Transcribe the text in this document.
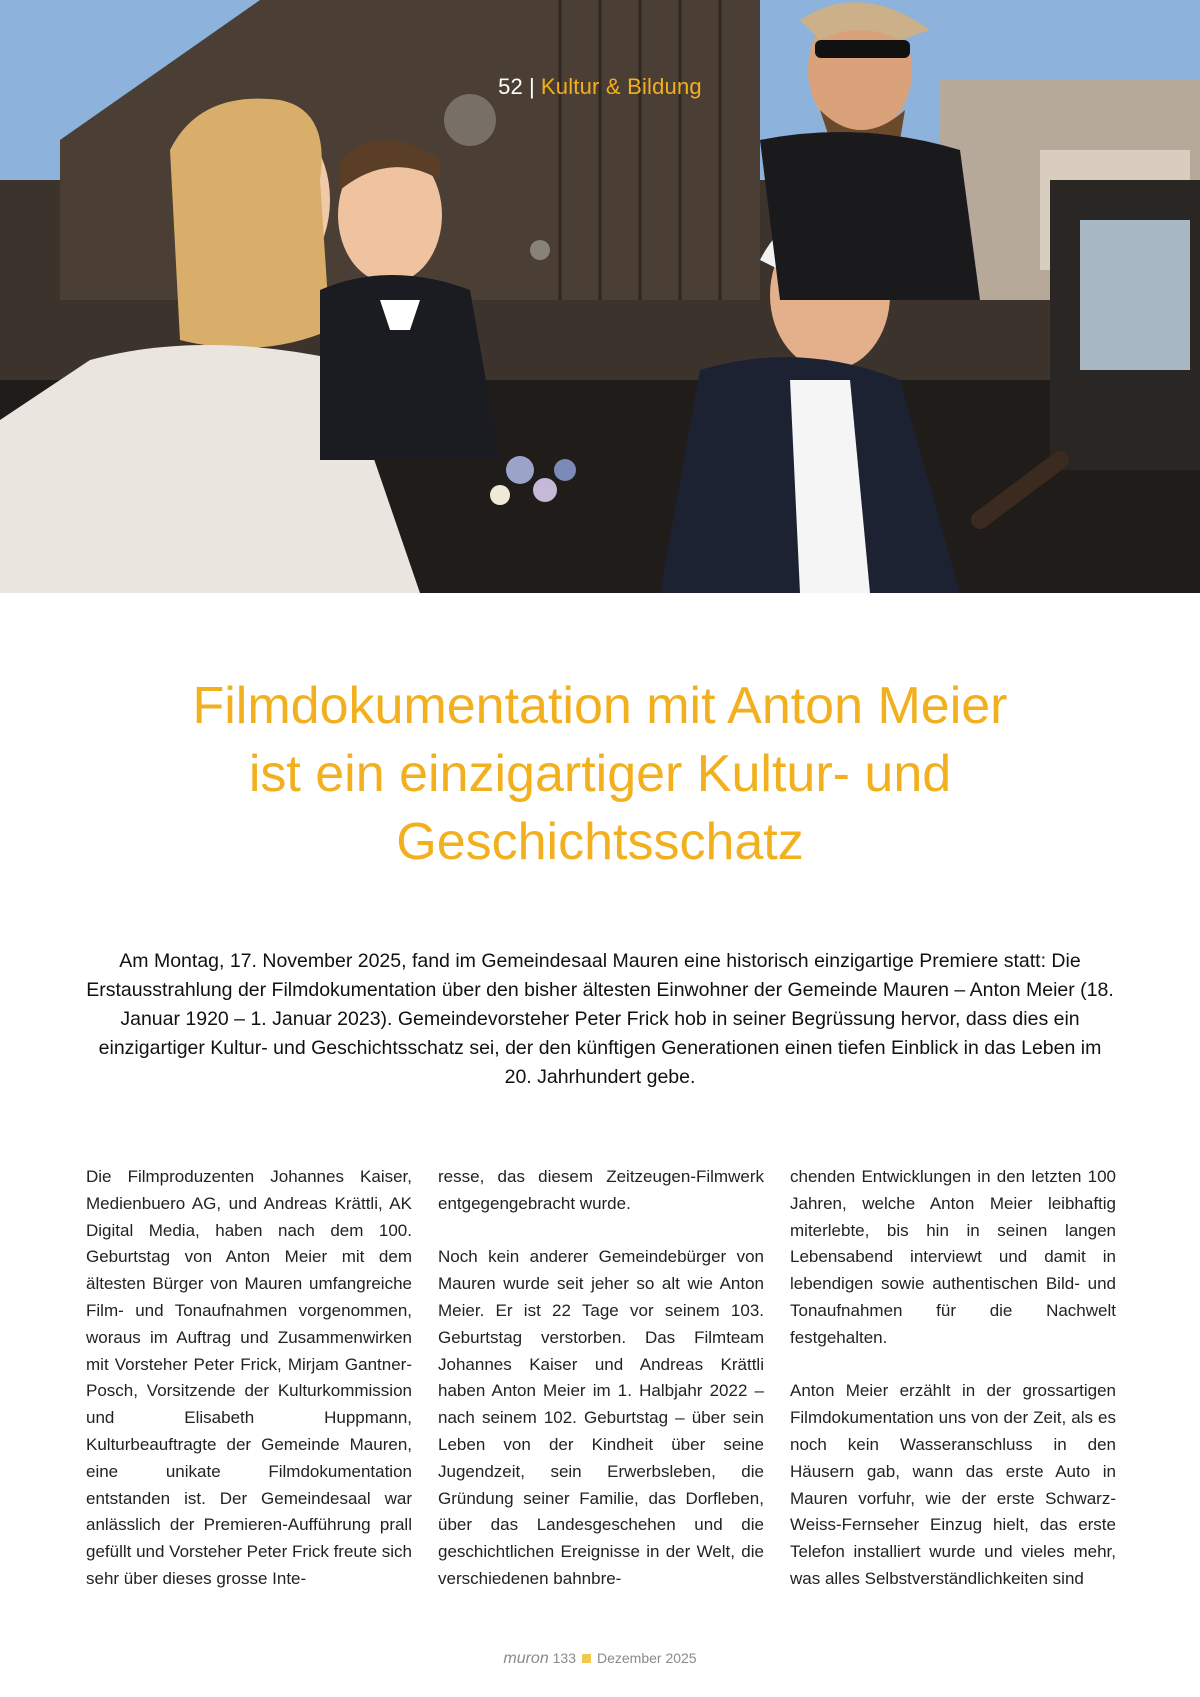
52 | Kultur & Bildung
Filmdokumentation mit Anton Meier
ist ein einzigartiger Kultur- und
Geschichtsschatz
Am Montag, 17. November 2025, fand im Gemeindesaal Mauren eine historisch einzigartige Premiere statt: Die Erstausstrahlung der Filmdokumentation über den bisher ältesten Einwohner der Gemeinde Mauren – Anton Meier (18. Januar 1920 – 1. Januar 2023). Gemeindevorsteher Peter Frick hob in seiner Begrüssung hervor, dass dies ein einzigartiger Kultur- und Geschichtsschatz sei, der den künftigen Generationen einen tiefen Einblick in das Leben im 20. Jahrhundert gebe.

Die Filmproduzenten Johannes Kaiser, Medienbuero AG, und Andreas Krättli, AK Digital Media, haben nach dem 100. Geburtstag von Anton Meier mit dem ältesten Bürger von Mauren umfangreiche Film- und Tonaufnahmen vorgenommen, woraus im Auftrag und Zusammenwirken mit Vorsteher Peter Frick, Mirjam Gantner-Posch, Vorsitzende der Kulturkommission und Elisabeth Huppmann, Kulturbeauftragte der Gemeinde Mauren, eine unikate Filmdokumentation entstanden ist. Der Gemeindesaal war anlässlich der Premieren-Aufführung prall gefüllt und Vorsteher Peter Frick freute sich sehr über dieses grosse Inte-

resse, das diesem Zeitzeugen-Filmwerk entgegengebracht wurde.

Noch kein anderer Gemeindebürger von Mauren wurde seit jeher so alt wie Anton Meier. Er ist 22 Tage vor seinem 103. Geburtstag verstorben. Das Filmteam Johannes Kaiser und Andreas Krättli haben Anton Meier im 1. Halbjahr 2022 – nach seinem 102. Geburtstag – über sein Leben von der Kindheit über seine Jugendzeit, sein Erwerbsleben, die Gründung seiner Familie, das Dorfleben, über das Landesgeschehen und die geschichtlichen Ereignisse in der Welt, die verschiedenen bahnbre-

chenden Entwicklungen in den letzten 100 Jahren, welche Anton Meier leibhaftig miterlebte, bis hin in seinen langen Lebensabend interviewt und damit in lebendigen sowie authentischen Bild- und Tonaufnahmen für die Nachwelt festgehalten.

Anton Meier erzählt in der grossartigen Filmdokumentation uns von der Zeit, als es noch kein Wasseranschluss in den Häusern gab, wann das erste Auto in Mauren vorfuhr, wie der erste Schwarz-Weiss-Fernseher Einzug hielt, das erste Telefon installiert wurde und vieles mehr, was alles Selbstverständlichkeiten sind

muron 133 Dezember 2025
